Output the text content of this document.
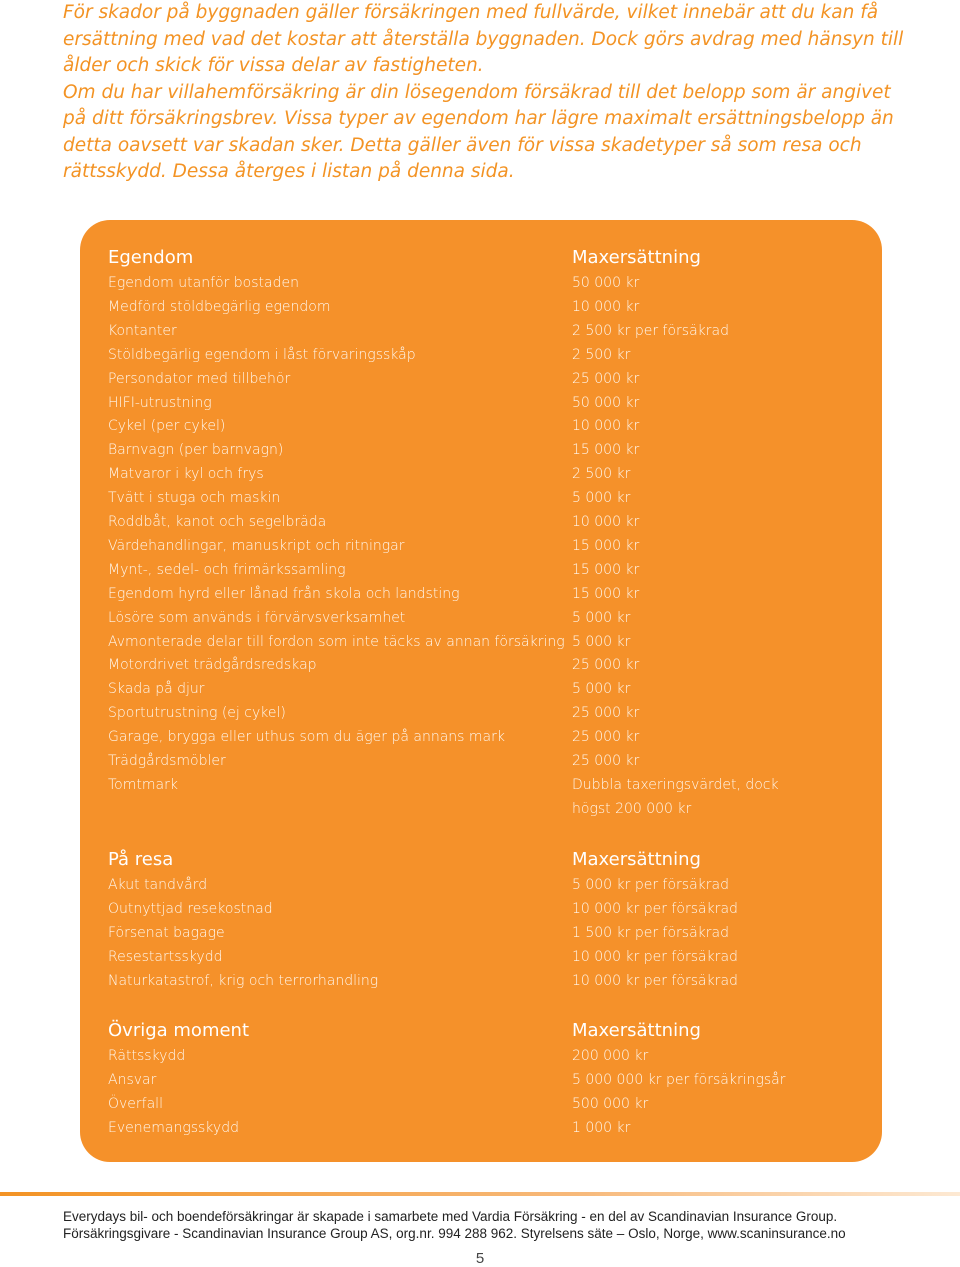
För skador på byggnaden gäller försäkringen med fullvärde, vilket innebär att du kan få ersättning med vad det kostar att återställa byggnaden. Dock görs avdrag med hänsyn till ålder och skick för vissa delar av fastigheten.

Om du har villahemförsäkring är din lösegendom försäkrad till det belopp som är angivet på ditt försäkringsbrev. Vissa typer av egendom har lägre maximalt ersättningsbelopp än detta oavsett var skadan sker. Detta gäller även för vissa skadetyper så som resa och rättsskydd. Dessa återges i listan på denna sida.

Egendom	Maxersättning
Egendom utanför bostaden	50 000 kr
Medförd stöldbegärlig egendom	10 000 kr
Kontanter	2 500 kr per försäkrad
Stöldbegärlig egendom i låst förvaringsskåp	2 500 kr
Persondator med tillbehör	25 000 kr
HIFI-utrustning	50 000 kr
Cykel (per cykel)	10 000 kr
Barnvagn (per barnvagn)	15 000 kr
Matvaror i kyl och frys	2 500 kr
Tvätt i stuga och maskin	5 000 kr
Roddbåt, kanot och segelbräda	10 000 kr
Värdehandlingar, manuskript och ritningar	15 000 kr
Mynt-, sedel- och frimärkssamling	15 000 kr
Egendom hyrd eller lånad från skola och landsting	15 000 kr
Lösöre som används i förvärvsverksamhet	5 000 kr
Avmonterade delar till fordon som inte täcks av annan försäkring 5 000 kr
Motordrivet trädgårdsredskap	25 000 kr
Skada på djur	5 000 kr
Sportutrustning (ej cykel)	25 000 kr
Garage, brygga eller uthus som du äger på annans mark	25 000 kr
Trädgårdsmöbler	25 000 kr
Tomtmark	Dubbla taxeringsvärdet, dock
högst 200 000 kr
På resa	Maxersättning
Akut tandvård	5 000 kr per försäkrad
Outnyttjad resekostnad	10 000 kr per försäkrad
Försenat bagage	1 500 kr per försäkrad
Resestartsskydd	10 000 kr per försäkrad
Naturkatastrof, krig och terrorhandling	10 000 kr per försäkrad
Övriga moment	Maxersättning
Rättsskydd	200 000 kr
Ansvar	5 000 000 kr per försäkringsår
Överfall	500 000 kr
Evenemangsskydd	1 000 kr
Everydays bil- och boendeförsäkringar är skapade i samarbete med Vardia Försäkring - en del av Scandinavian Insurance Group.
Försäkringsgivare - Scandinavian Insurance Group AS, org.nr. 994 288 962. Styrelsens säte – Oslo, Norge, www.scaninsurance.no
5
